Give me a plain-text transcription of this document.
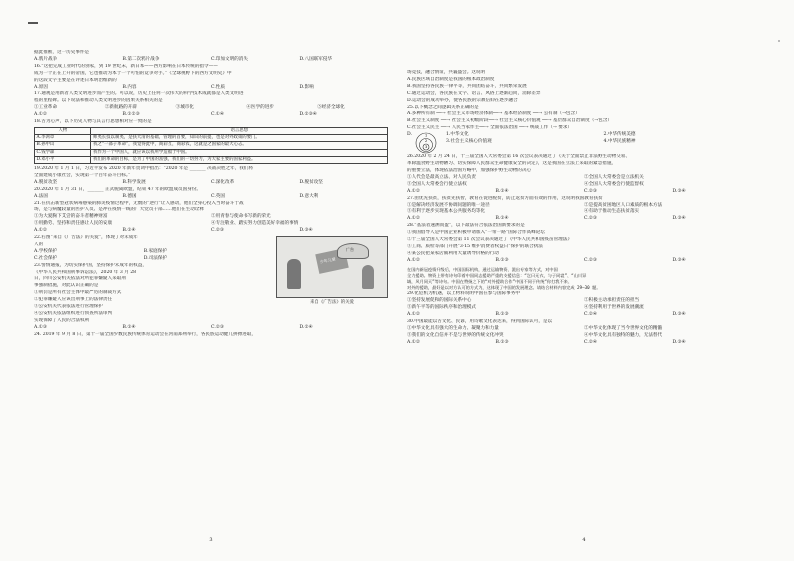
据此推断，这一历史事件是
A.鸦片战争	B.第二次鸦片战争	C.印加文明的消失	D.八国联军侵华
16.“这把完成工业时代的别家，到 19 世纪末，新日本——西方影响在日本传统的指令——
成为一个正在上升的帝国，它也推动为本于一个可怕的竞争对手。”《全球视野下的西方文明史》中
的这段文字主要是在评述日本明治维新的
A.原因	B.内容	C.性质	D.影响
17.通观是用新者人类文明进步而产生的。可以说，历史上任何一次伟大的科学技术成就都是人类文明进
程的里程碑。以下说法和推动人类文明进步的因果关系相关的是
①工业革命	②新航路的开辟	③城市化	④医学的进步	⑤经济全球化
A.①②	B.①②③	C.①④	D.②③④
18.古为心声，以下历史人物与其言行思想相对应一致的是
人物	语言思想
A.李鸿章	师夷长技以制夷，是扶大清的基础，管理的首要，知识的前提，也是对外政策的要门。
B.孙中山	我之“一部子革命”，我觉得此中，商彩互，商彩农，这就是之国家的最大心志。
C.钱学森	我作为一个中国人，就应该以我所学造福于中国。
D.邓小平	我们的革命的目标，是为了中国的富强，我们的一切努力，为大家主要的国家利益。
19.2020 年 1 月 1 日，习近平发布 2020 年新年贺词中指出：“2020 年是 _______ 决战决胜之年，我们将
全面建成小康社会，实现第一个百年奋斗目标。”
A.脱贫攻坚	B.科学发展	C.深化改革	D.脱贫攻坚
20.2020 年 1 月 31 日，_______ 正式脱离欧盟，结束 47 年的欧盟成员国身份。
A.法国	B.德国	C.英国	D.意大利
21.在抗击新型冠状病毒感染的肺炎疫情过程中，无数的“逆行”让人感动，他们全身心投入当时奋斗于战
场，是与病魔较量的医护人员、是冲在疫情一线的广大党员干部……他们在生动诠释
①为大爱胸下艾尝的奋斗者精神财富	②用青春与使命书写新的荣光
③用勤劳、坚持和责任感让人民的安康	④专注敬业、踏实努力创造美好幸福的事情
A.①②	B.①④	C.②③	D.③④
22.右图“来自《广告法》的关爱”，体现了对未成年
人的
A.学校保护	B.家庭保护
C.社会保护	D.司法保护
23.警情通报，为切实保护国，坚持保护未成年的权益，
《中华人民共和国刑事诉讼法》，2020 年 3 月 28
日，四川公安机关依法对所犯罪嫌疑人采取刑
事强制措施，对此认识正确的是
①刑罚是所有社会主体中最严厉的制裁方式
②犯罪嫌疑人应该出刑事上的法律责任
③公安机关代表依法进行管理保护
④公安机关依法组织进行侦查所法审判
少年儿童
广告
来自《广告法》的关爱
实现保障了人民的合法权利
A.①③	B.①④	C.②③	D.②④
24. 2019 年 9 月 8 日，第十一届全国少数民族传统体育运动会在河南郑州举行，各民族运动健儿拼搏进取，
3
场竞技，融合情谊，共襄盛会。这说明
A.民族区域自治制度是我国的根本政治制度
B.我国坚持各民族一律平等，共同团结奋斗，共同繁荣发展
C.通过运动会，各民族在文字、语言、风俗上逐渐趋同，消除差异
D.运动会的成功举办，使各民族的宗教信仰在逐步融合
25.以下概念之间逻辑关系正确的是
A.多种所有制 ──→ 社会主义市场经济体制──→ 基本经济制度 ──→ 公有制（→包含）
B.社会主义制度 ──→ 社会主义初级阶段──→ 社会主义核心价值观 ──→ 基层群众自治制度（→包含）
C.社会主义民主 ──→ 人民当家作主──→ 全面依法治国 ──→ 统战工作（→ 要求）
D.	1
2
3
1.中华文化	2.中华传统美德
3.社会主义核心价值观	4.中华民族精神
26.2020 年 2 月 24 日，十三届全国人大常委会第 16 次会议表决通过了《关于全面禁止非法野生动物交易、
革除滥食野生动物陋习、切实保障人民群众生命健康安全的决定》，这是我国在立法上采取的紧急措施，
的重要立法，体现依法治国方略中，加强保护野生动物的决心
①人代会是最高立法、对人民负责	②全国人大常委会是立法机关
③全国人大常委会行使立法权	④全国人大常委会行使监督权
A.①②	B.①④	C.②③	D.③④
27.由优先扶贫，扶贫先扶智，教育在促进脱贫，防止返贫方面有效的作用，这说明我国教育扶贫
①是解决经济发展不协调问题的唯一途径	②是提高贫困地区人口素质的根本方法
③有利于逐步实现基本公共服务均等化	④有助于推动生态扶贫落实
A.①②	B.①④	C.②③	D.③④
28.“基法者速测而盈”，以下最法符合依法治国新要求的是
①我国倡导人是中国企业积极申请加入“一带一路”国际合作高峰论坛
②十三届全国人大常委会第 11 次会议表决通过了《中华人民共和国疫苗管理法》
③工商、质检等部门开展“3·15 维护消费者权益日”保护的联合执法
④某公民把某家店铺利用大量诱导价格的行动
A.①②	B.①③	C.②③	D.③④
在国内新冠疫情升级后，中国国际机构，通过运输物资、派出专家等方式，对中国
全力援助。物资上带有诗句印着中国同志援助严重的支援信息：“岂曰无衣，与子同裳”、“山川异
域，风月同天”等诗句。中国在赞扬之下的“对外援助合作”中国不同于传统“你打我不来、
对外的援助，最好是以对方认可的方式为，这体现了中国的发展理念。请结合材料内容完成 29—30 题。
29.化危机为机遇，以上材料说明中国在参与国际事务中
①坚持发展促和的国际关系中心	②积极主动承担责任的担当
③新午平等的国际秩序和治理模式	④坚持利用于世界的发展潮流
A.①②	B.①③	C.②④	D.③④
30.中国最能以古文化、民谚，用诗歌文化表达来，得到国际认可，是以
①中华文化具有强大的生命力、凝聚力和力量	②中华文化体现了当今世界文化的精髓
③我们的文化自信并不是与世界的传统文化冲突	④中华文化具有独特的魅力，无法替代
A.①②	B.①③	C.②④	D.③④
4
